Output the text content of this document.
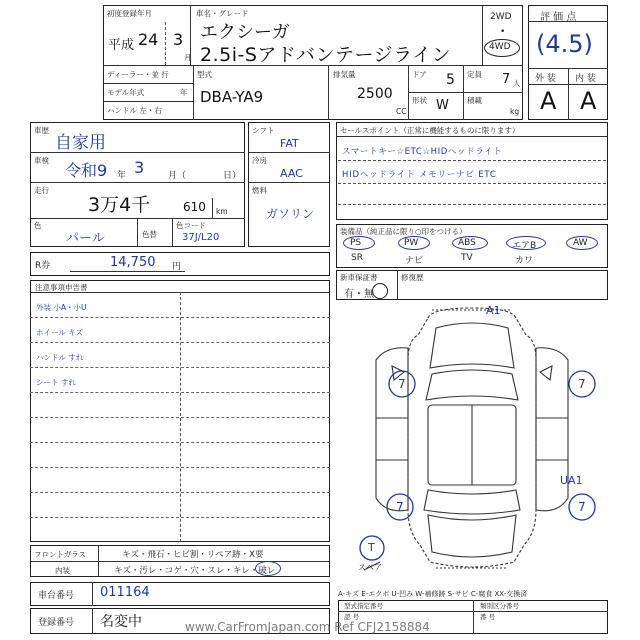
初度登録年月	車名・グレード
平成 24 3
月
エクシーガ
2.5i-Sアドバンテージライン
2WD
•
4WD
ディーラー・並 行
モデル年式	年
ハンドル 左・右
型式
DBA-YA9
排気量
2500
CC
ドア 5
形状 W
定員 7 人
積載
kg
評 価 点
(4.5)
外 装 内 装
A A
車歴
自家用
車検
令和9 年 3	月（	日）
走行
3万4千	610 km
色
パール	色替
色コード
37J/L20
シフト
FAT
冷房
AAC
燃料
ガソリン
セールスポイント（正常に機能するものに限ります）
スマートキー☆ETC☆HIDヘッドライト
HIDヘッドライト メモリーナビ ETC
装備品（純正品に限り○印をつける）
PS	PW	ABS	エアB	AW
SR	ナビ	TV	カワ
新車保証書
有・無
修復歴
R券	14,750 円
注意事項申告書
外装 小A・小U
ホイール キズ
ハンドル すれ
シート すれ
フロントガラス	キズ・飛石・ヒビ割・リペア跡・X要
内装	キズ・汚レ・コゲ・穴・スレ・キレ・破レ
車台番号 011164
登録番号 名変中
A-キズ E-エクボ U-凹み W-補修跡 S-サビ C-腐食 XX-交換済
型式指定番号	類別区分番号
認 号	番 号
A1
7	7
UA1
7	7
T
スペア
www.CarFromJapan.com Ref CFJ2158884
